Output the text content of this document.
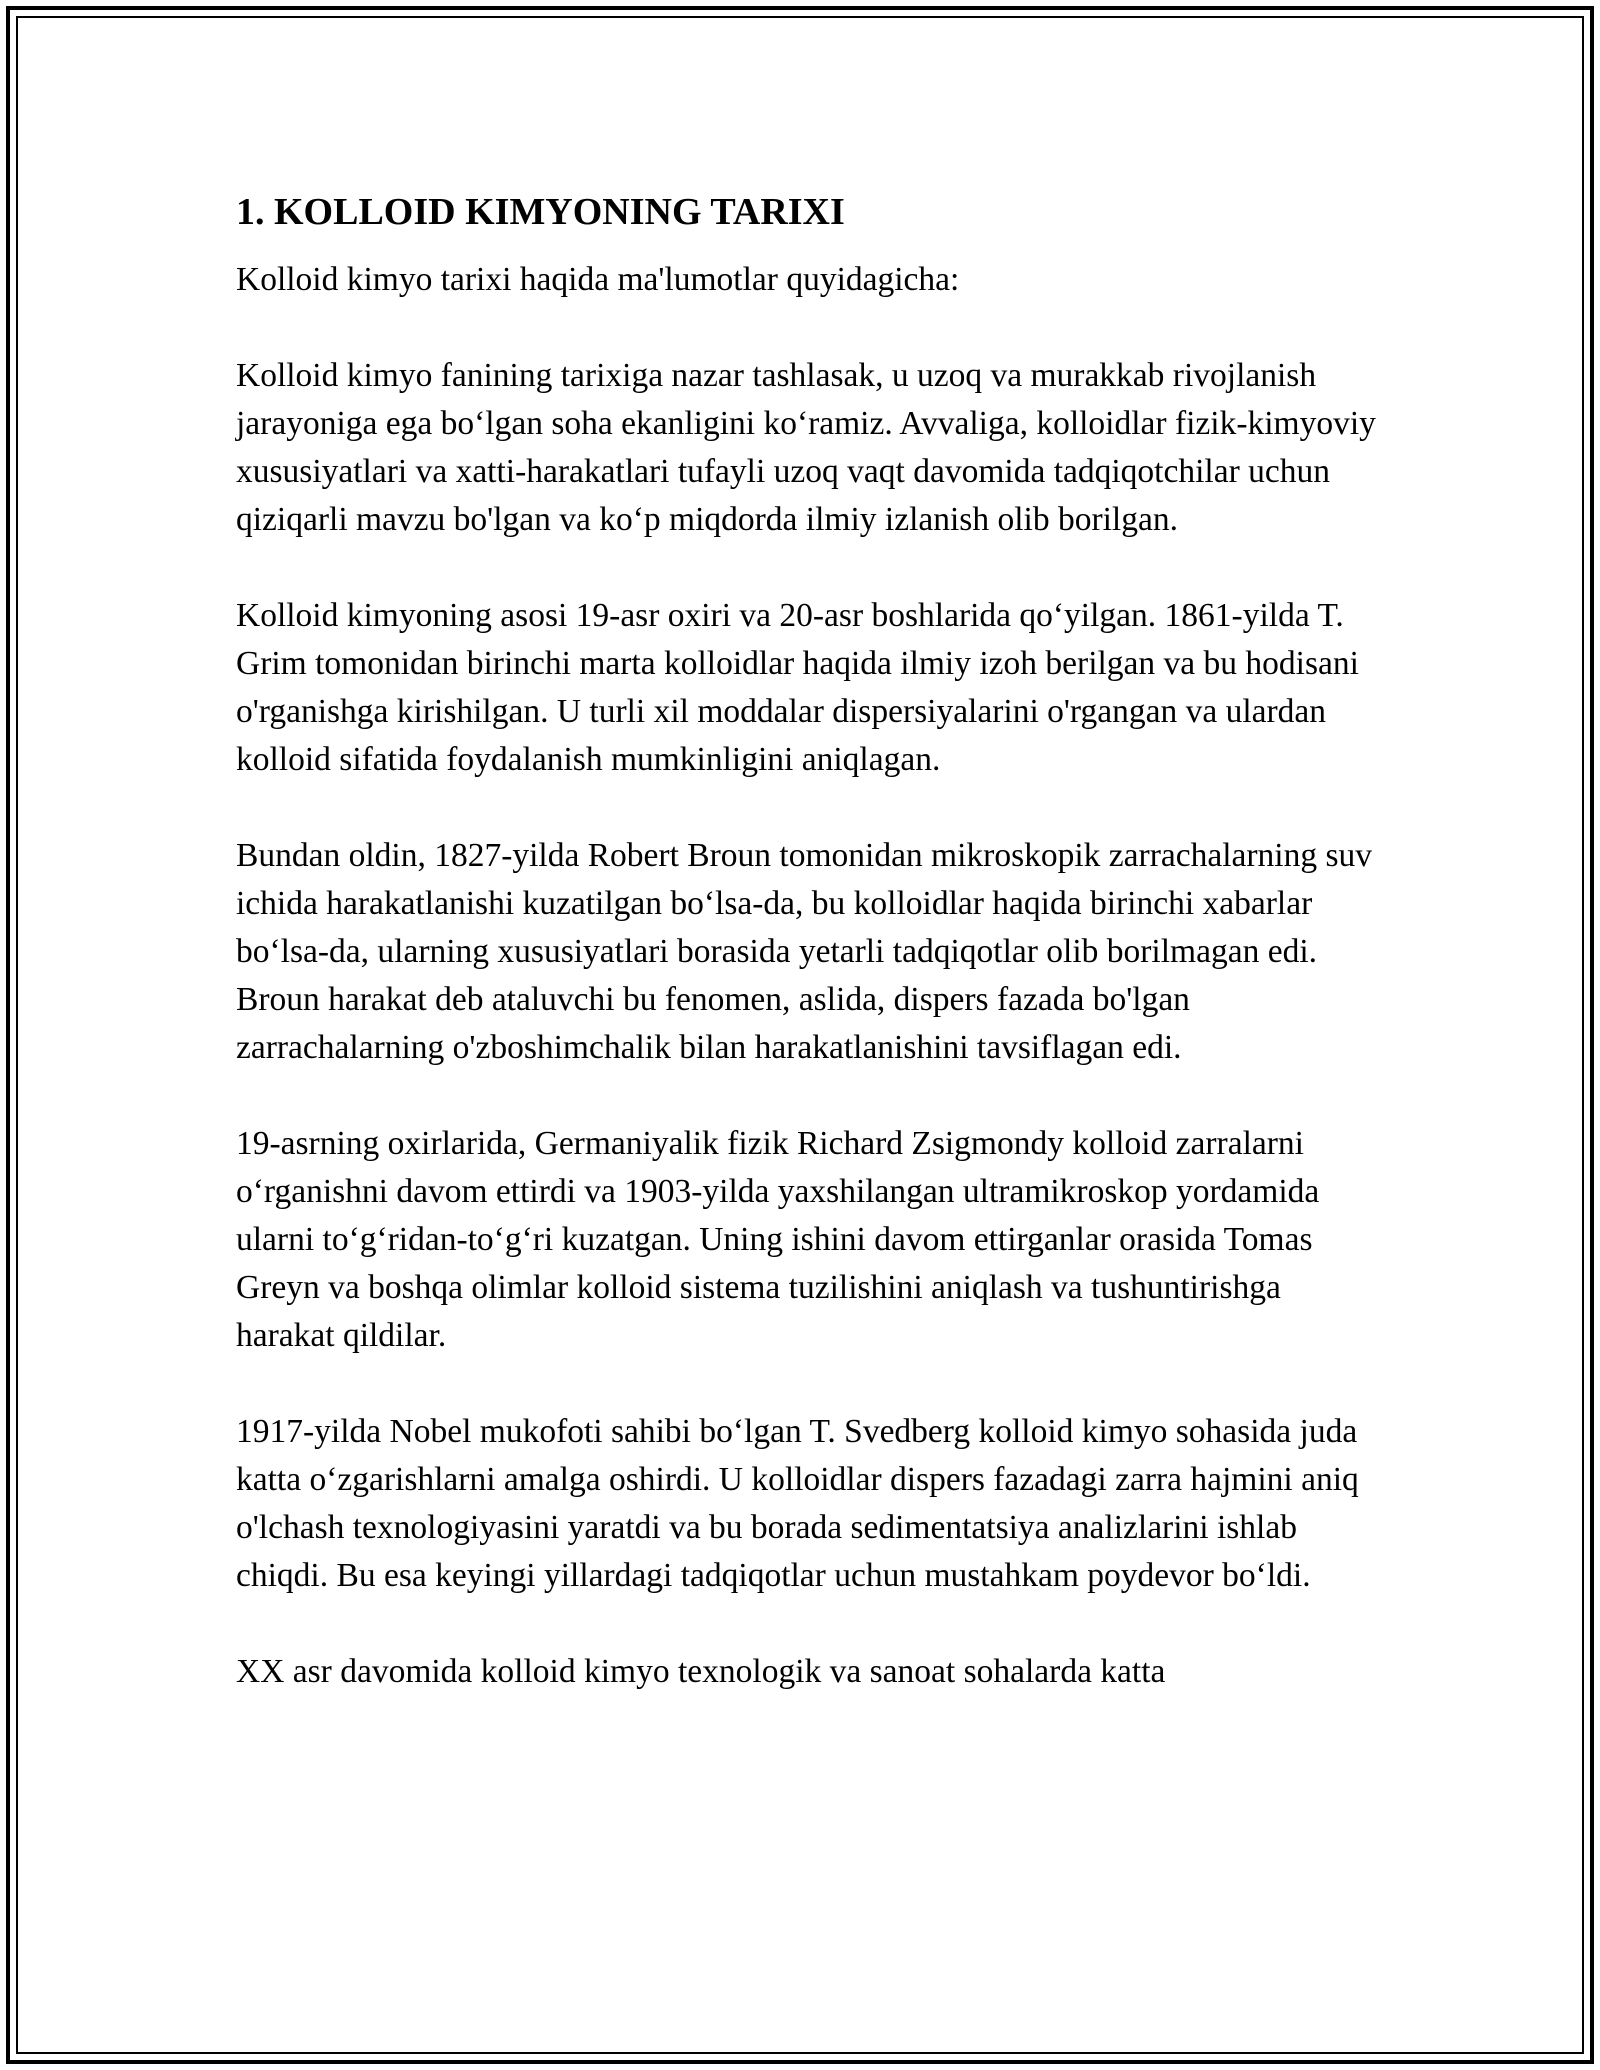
1. KOLLOID KIMYONING TARIXI

Kolloid kimyo tarixi haqida ma'lumotlar quyidagicha:

Kolloid kimyo fanining tarixiga nazar tashlasak, u uzoq va murakkab rivojlanish jarayoniga ega bo‘lgan soha ekanligini ko‘ramiz. Avvaliga, kolloidlar fizik-kimyoviy xususiyatlari va xatti-harakatlari tufayli uzoq vaqt davomida tadqiqotchilar uchun qiziqarli mavzu bo'lgan va ko‘p miqdorda ilmiy izlanish olib borilgan.

Kolloid kimyoning asosi 19-asr oxiri va 20-asr boshlarida qo‘yilgan. 1861-yilda T. Grim tomonidan birinchi marta kolloidlar haqida ilmiy izoh berilgan va bu hodisani o'rganishga kirishilgan. U turli xil moddalar dispersiyalarini o'rgangan va ulardan kolloid sifatida foydalanish mumkinligini aniqlagan.

Bundan oldin, 1827-yilda Robert Broun tomonidan mikroskopik zarrachalarning suv ichida harakatlanishi kuzatilgan bo‘lsa-da, bu kolloidlar haqida birinchi xabarlar bo‘lsa-da, ularning xususiyatlari borasida yetarli tadqiqotlar olib borilmagan edi. Broun harakat deb ataluvchi bu fenomen, aslida, dispers fazada bo'lgan zarrachalarning o'zboshimchalik bilan harakatlanishini tavsiflagan edi.

19-asrning oxirlarida, Germaniyalik fizik Richard Zsigmondy kolloid zarralarni o‘rganishni davom ettirdi va 1903-yilda yaxshilangan ultramikroskop yordamida ularni to‘g‘ridan-to‘g‘ri kuzatgan. Uning ishini davom ettirganlar orasida Tomas Greyn va boshqa olimlar kolloid sistema tuzilishini aniqlash va tushuntirishga harakat qildilar.

1917-yilda Nobel mukofoti sahibi bo‘lgan T. Svedberg kolloid kimyo sohasida juda katta o‘zgarishlarni amalga oshirdi. U kolloidlar dispers fazadagi zarra hajmini aniq o'lchash texnologiyasini yaratdi va bu borada sedimentatsiya analizlarini ishlab chiqdi. Bu esa keyingi yillardagi tadqiqotlar uchun mustahkam poydevor bo‘ldi.

XX asr davomida kolloid kimyo texnologik va sanoat sohalarda katta
